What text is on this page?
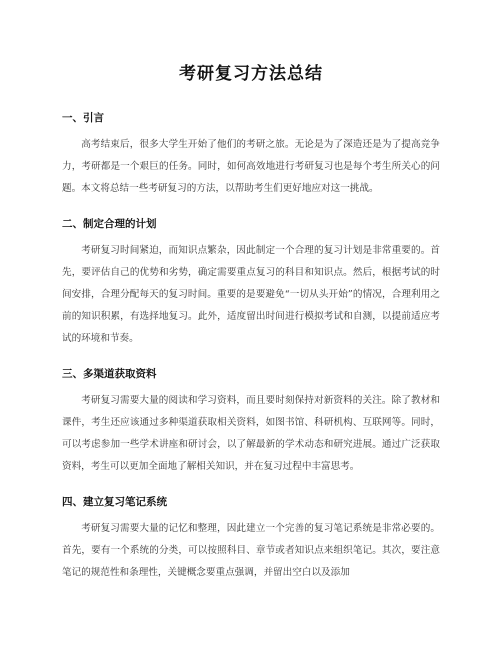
考研复习方法总结
一、引言

高考结束后，很多大学生开始了他们的考研之旅。无论是为了深造还是为了提高竞争力，考研都是一个艰巨的任务。同时，如何高效地进行考研复习也是每个考生所关心的问题。本文将总结一些考研复习的方法，以帮助考生们更好地应对这一挑战。

二、制定合理的计划

考研复习时间紧迫，而知识点繁杂，因此制定一个合理的复习计划是非常重要的。首先，要评估自己的优势和劣势，确定需要重点复习的科目和知识点。然后，根据考试的时间安排，合理分配每天的复习时间。重要的是要避免“一切从头开始”的情况，合理利用之前的知识积累，有选择地复习。此外，适度留出时间进行模拟考试和自测，以提前适应考试的环境和节奏。

三、多渠道获取资料

考研复习需要大量的阅读和学习资料，而且要时刻保持对新资料的关注。除了教材和课件，考生还应该通过多种渠道获取相关资料，如图书馆、科研机构、互联网等。同时，可以考虑参加一些学术讲座和研讨会，以了解最新的学术动态和研究进展。通过广泛获取资料，考生可以更加全面地了解相关知识，并在复习过程中丰富思考。

四、建立复习笔记系统

考研复习需要大量的记忆和整理，因此建立一个完善的复习笔记系统是非常必要的。首先，要有一个系统的分类，可以按照科目、章节或者知识点来组织笔记。其次，要注意笔记的规范性和条理性，关键概念要重点强调，并留出空白以及添加
